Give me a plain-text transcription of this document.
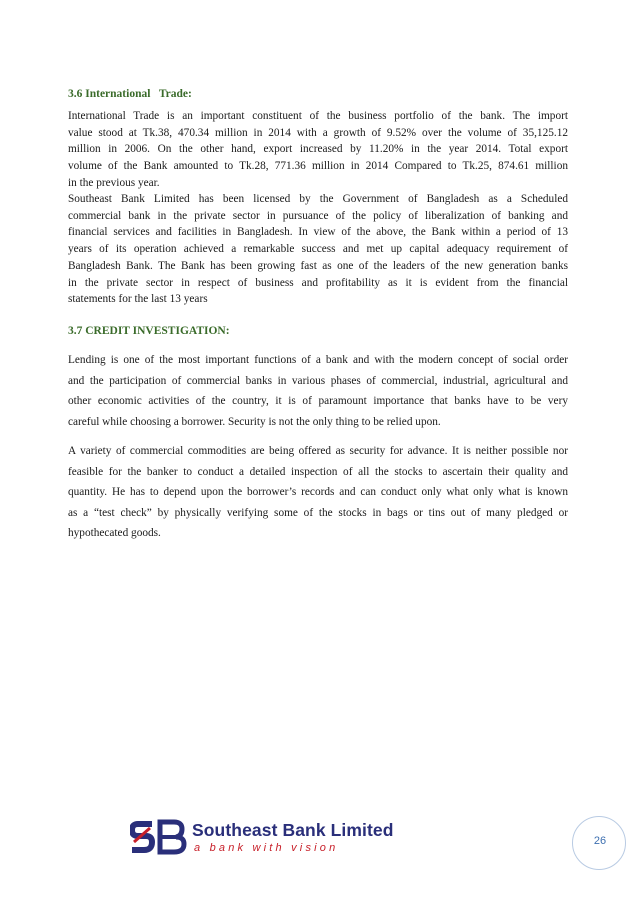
3.6 International   Trade:

International Trade is an important constituent of the business portfolio of the bank. The import
value stood at Tk.38, 470.34 million in 2014 with a growth of 9.52% over the volume of 35,125.12
million in 2006. On the other hand, export increased by 11.20% in the year 2014. Total export
volume of the Bank amounted to Tk.28, 771.36 million in 2014 Compared to Tk.25, 874.61 million
in the previous year.

Southeast Bank Limited has been licensed by the Government of Bangladesh as a Scheduled
commercial bank in the private sector in pursuance of the policy of liberalization of banking and
financial services and facilities in Bangladesh. In view of the above, the Bank within a period of 13
years of its operation achieved a remarkable success and met up capital adequacy requirement of
Bangladesh Bank. The Bank has been growing fast as one of the leaders of the new generation banks
in the private sector in respect of business and profitability as it is evident from the financial
statements for the last 13 years

3.7 CREDIT INVESTIGATION:

Lending is one of the most important functions of a bank and with the modern concept of social order
and the participation of commercial banks in various phases of commercial, industrial, agricultural and
other economic activities of the country, it is of paramount importance that banks have to be very
careful while choosing a borrower. Security is not the only thing to be relied upon.

A variety of commercial commodities are being offered as security for advance. It is neither possible nor
feasible for the banker to conduct a detailed inspection of all the stocks to ascertain their quality and
quantity. He has to depend upon the borrower’s records and can conduct only what only what is known
as a “test check” by physically verifying some of the stocks in bags or tins out of many pledged or
hypothecated goods.

Southeast Bank Limited
a bank with vision
26
